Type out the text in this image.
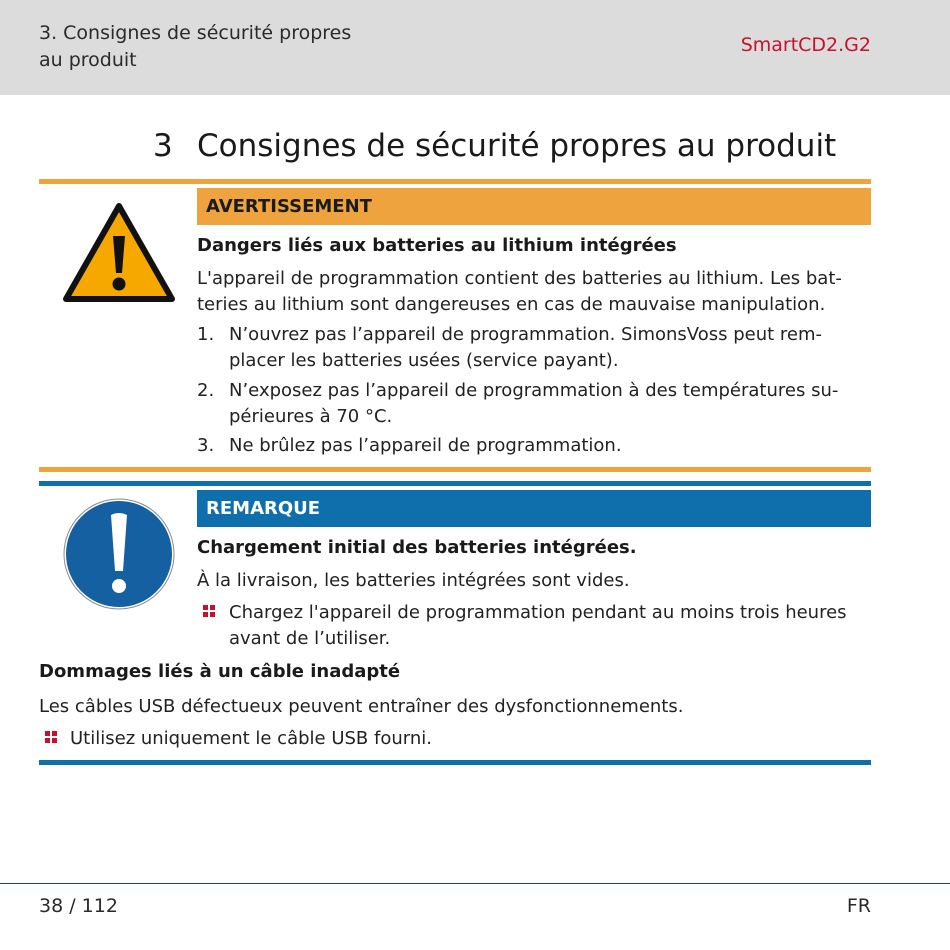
3. Consignes de sécurité propres au produit
SmartCD2.G2
3 Consignes de sécurité propres au produit
AVERTISSEMENT
Dangers liés aux batteries au lithium intégrées
L'appareil de programmation contient des batteries au lithium. Les bat-
teries au lithium sont dangereuses en cas de mauvaise manipulation.
1. N’ouvrez pas l’appareil de programmation. SimonsVoss peut rem-
placer les batteries usées (service payant).
2. N’exposez pas l’appareil de programmation à des températures su-
périeures à 70 °C.
3. Ne brûlez pas l’appareil de programmation.
REMARQUE
Chargement initial des batteries intégrées.
À la livraison, les batteries intégrées sont vides.
Chargez l'appareil de programmation pendant au moins trois heures
avant de l’utiliser.
Dommages liés à un câble inadapté
Les câbles USB défectueux peuvent entraîner des dysfonctionnements.
Utilisez uniquement le câble USB fourni.
38 / 112	FR
